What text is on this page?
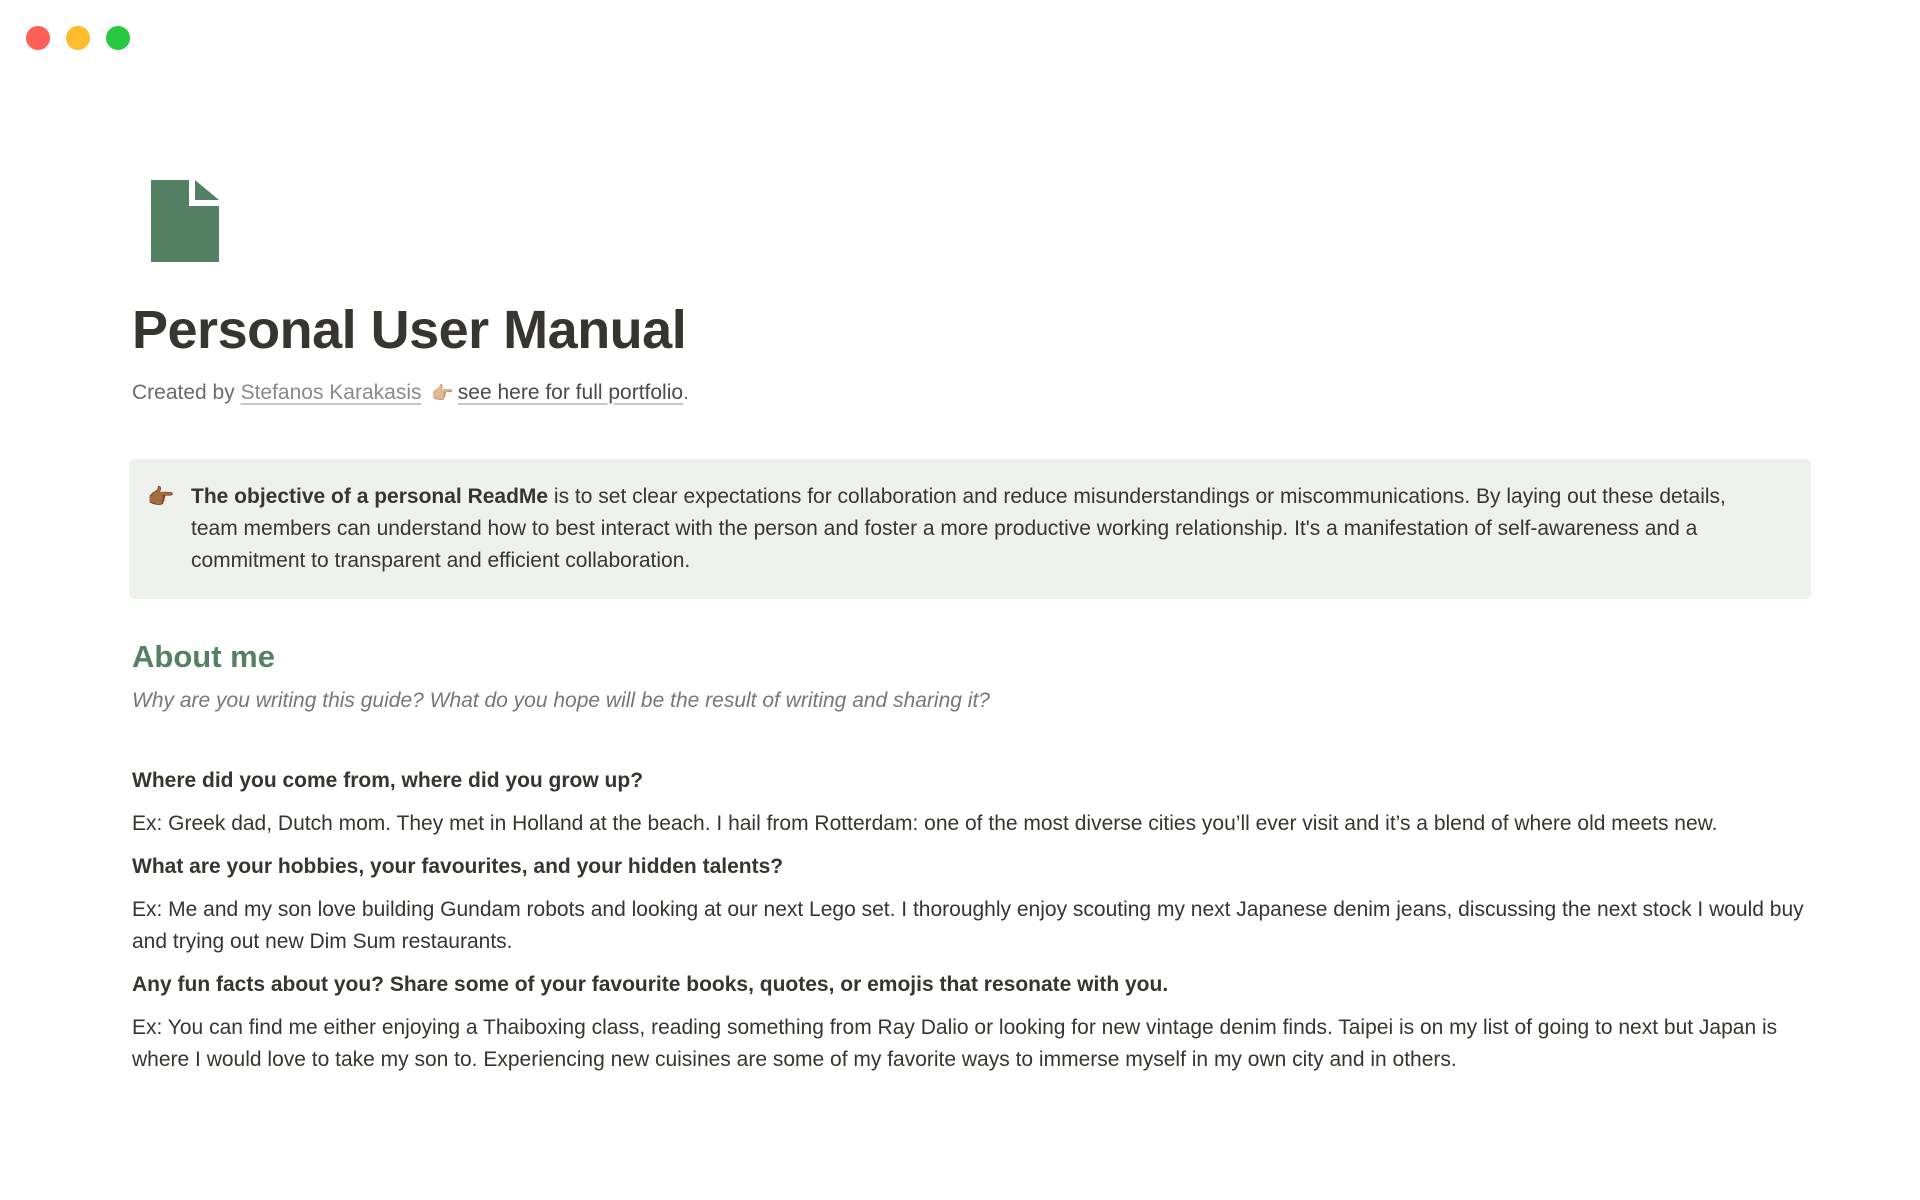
Personal User Manual
Created by Stefanos Karakasis 👉🏼 see here for full portfolio.
👉🏾 The objective of a personal ReadMe is to set clear expectations for collaboration and reduce misunderstandings or miscommunications. By laying out these details, team members can understand how to best interact with the person and foster a more productive working relationship. It's a manifestation of self-awareness and a commitment to transparent and efficient collaboration.
About me
Why are you writing this guide? What do you hope will be the result of writing and sharing it?
Where did you come from, where did you grow up?
Ex: Greek dad, Dutch mom. They met in Holland at the beach. I hail from Rotterdam: one of the most diverse cities you’ll ever visit and it’s a blend of where old meets new.
What are your hobbies, your favourites, and your hidden talents?
Ex: Me and my son love building Gundam robots and looking at our next Lego set. I thoroughly enjoy scouting my next Japanese denim jeans, discussing the next stock I would buy and trying out new Dim Sum restaurants.
Any fun facts about you? Share some of your favourite books, quotes, or emojis that resonate with you.
Ex: You can find me either enjoying a Thaiboxing class, reading something from Ray Dalio or looking for new vintage denim finds. Taipei is on my list of going to next but Japan is where I would love to take my son to. Experiencing new cuisines are some of my favorite ways to immerse myself in my own city and in others.
